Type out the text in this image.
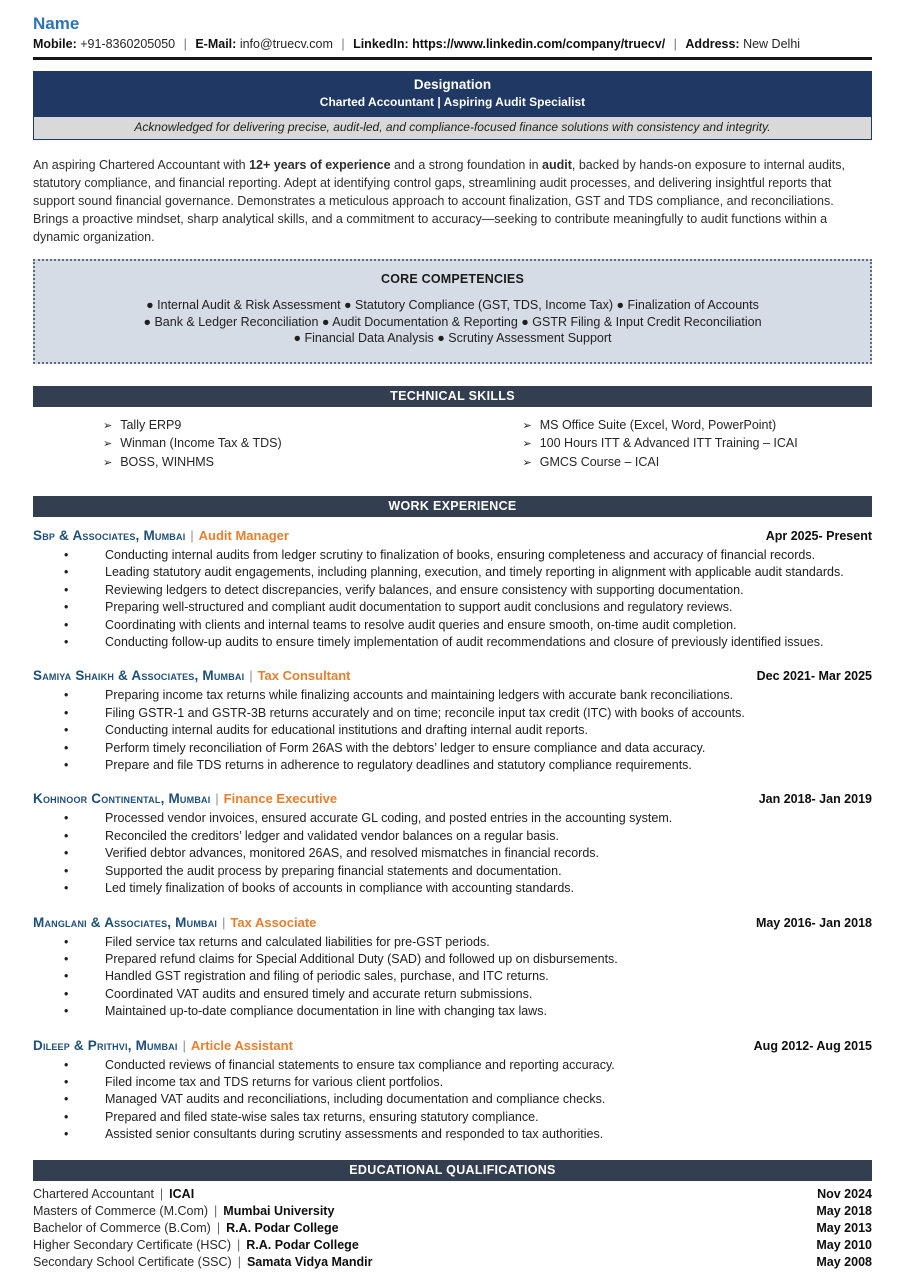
Name
Mobile: +91-8360205050 | E-Mail: info@truecv.com | LinkedIn: https://www.linkedin.com/company/truecv/ | Address: New Delhi
Designation
Charted Accountant | Aspiring Audit Specialist
Acknowledged for delivering precise, audit-led, and compliance-focused finance solutions with consistency and integrity.

An aspiring Chartered Accountant with 12+ years of experience and a strong foundation in audit, backed by hands-on exposure to internal audits, statutory compliance, and financial reporting. Adept at identifying control gaps, streamlining audit processes, and delivering insightful reports that support sound financial governance. Demonstrates a meticulous approach to account finalization, GST and TDS compliance, and reconciliations. Brings a proactive mindset, sharp analytical skills, and a commitment to accuracy—seeking to contribute meaningfully to audit functions within a dynamic organization.

CORE COMPETENCIES
● Internal Audit & Risk Assessment ● Statutory Compliance (GST, TDS, Income Tax) ● Finalization of Accounts
● Bank & Ledger Reconciliation ● Audit Documentation & Reporting ● GSTR Filing & Input Credit Reconciliation
● Financial Data Analysis ● Scrutiny Assessment Support
TECHNICAL SKILLS
➢ Tally ERP9
➢ Winman (Income Tax & TDS)
➢ BOSS, WINHMS
➢ MS Office Suite (Excel, Word, PowerPoint)
➢ 100 Hours ITT & Advanced ITT Training – ICAI
➢ GMCS Course – ICAI
WORK EXPERIENCE
Sbp & Associates, Mumbai | Audit Manager	Apr 2025- Present
• Conducting internal audits from ledger scrutiny to finalization of books, ensuring completeness and accuracy of financial records.
• Leading statutory audit engagements, including planning, execution, and timely reporting in alignment with applicable audit standards.
• Reviewing ledgers to detect discrepancies, verify balances, and ensure consistency with supporting documentation.
• Preparing well-structured and compliant audit documentation to support audit conclusions and regulatory reviews.
• Coordinating with clients and internal teams to resolve audit queries and ensure smooth, on-time audit completion.
• Conducting follow-up audits to ensure timely implementation of audit recommendations and closure of previously identified issues.
Samiya Shaikh & Associates, Mumbai | Tax Consultant	Dec 2021- Mar 2025
• Preparing income tax returns while finalizing accounts and maintaining ledgers with accurate bank reconciliations.
• Filing GSTR-1 and GSTR-3B returns accurately and on time; reconcile input tax credit (ITC) with books of accounts.
• Conducting internal audits for educational institutions and drafting internal audit reports.
• Perform timely reconciliation of Form 26AS with the debtors’ ledger to ensure compliance and data accuracy.
• Prepare and file TDS returns in adherence to regulatory deadlines and statutory compliance requirements.
Kohinoor Continental, Mumbai | Finance Executive	Jan 2018- Jan 2019
• Processed vendor invoices, ensured accurate GL coding, and posted entries in the accounting system.
• Reconciled the creditors’ ledger and validated vendor balances on a regular basis.
• Verified debtor advances, monitored 26AS, and resolved mismatches in financial records.
• Supported the audit process by preparing financial statements and documentation.
• Led timely finalization of books of accounts in compliance with accounting standards.
Manglani & Associates, Mumbai | Tax Associate	May 2016- Jan 2018
• Filed service tax returns and calculated liabilities for pre-GST periods.
• Prepared refund claims for Special Additional Duty (SAD) and followed up on disbursements.
• Handled GST registration and filing of periodic sales, purchase, and ITC returns.
• Coordinated VAT audits and ensured timely and accurate return submissions.
• Maintained up-to-date compliance documentation in line with changing tax laws.
Dileep & Prithvi, Mumbai | Article Assistant	Aug 2012- Aug 2015
• Conducted reviews of financial statements to ensure tax compliance and reporting accuracy.
• Filed income tax and TDS returns for various client portfolios.
• Managed VAT audits and reconciliations, including documentation and compliance checks.
• Prepared and filed state-wise sales tax returns, ensuring statutory compliance.
• Assisted senior consultants during scrutiny assessments and responded to tax authorities.
EDUCATIONAL QUALIFICATIONS
Chartered Accountant | ICAI	Nov 2024
Masters of Commerce (M.Com) | Mumbai University	May 2018
Bachelor of Commerce (B.Com) | R.A. Podar College	May 2013
Higher Secondary Certificate (HSC) | R.A. Podar College	May 2010
Secondary School Certificate (SSC) | Samata Vidya Mandir	May 2008
